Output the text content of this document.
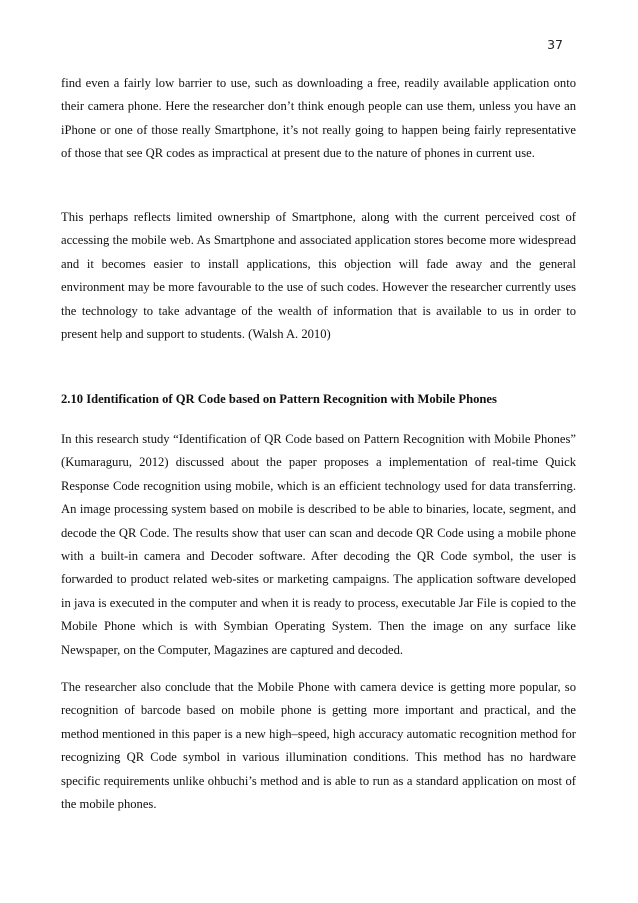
37

find even a fairly low barrier to use, such as downloading a free, readily available application onto their camera phone. Here the researcher don’t think enough people can use them, unless you have an iPhone or one of those really Smartphone, it’s not really going to happen being fairly representative of those that see QR codes as impractical at present due to the nature of phones in current use.

This perhaps reflects limited ownership of Smartphone, along with the current perceived cost of accessing the mobile web. As Smartphone and associated application stores become more widespread and it becomes easier to install applications, this objection will fade away and the general environment may be more favourable to the use of such codes. However the researcher currently uses the technology to take advantage of the wealth of information that is available to us in order to present help and support to students. (Walsh A. 2010)

2.10 Identification of QR Code based on Pattern Recognition with Mobile Phones

In this research study “Identification of QR Code based on Pattern Recognition with Mobile Phones” (Kumaraguru, 2012) discussed about the paper proposes a implementation of real-time Quick Response Code recognition using mobile, which is an efficient technology used for data transferring. An image processing system based on mobile is described to be able to binaries, locate, segment, and decode the QR Code. The results show that user can scan and decode QR Code using a mobile phone with a built-in camera and Decoder software. After decoding the QR Code symbol, the user is forwarded to product related web-sites or marketing campaigns. The application software developed in java is executed in the computer and when it is ready to process, executable Jar File is copied to the Mobile Phone which is with Symbian Operating System. Then the image on any surface like Newspaper, on the Computer, Magazines are captured and decoded.

The researcher also conclude that the Mobile Phone with camera device is getting more popular, so recognition of barcode based on mobile phone is getting more important and practical, and the method mentioned in this paper is a new high–speed, high accuracy automatic recognition method for recognizing QR Code symbol in various illumination conditions. This method has no hardware specific requirements unlike ohbuchi’s method and is able to run as a standard application on most of the mobile phones.
